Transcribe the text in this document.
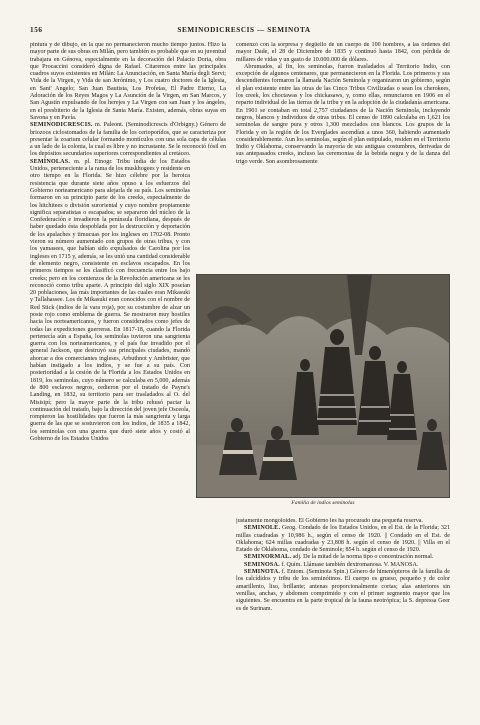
156	SEMINODICRESCIS — SEMINOTA

pintura y de dibujo, en la que no permanecieron mucho tiempo juntos. Hizo la mayor parte de sus obras en Milán, pero también es probable que en su juventud trabajara en Génova, especialmente en la decoración del Palacio Doria, obra que Procaccini consideró digna de Rafael. Citaremos entre las principales cuadros suyos existentes en Milán: La Anunciación, en Santa María degli Servi; Vida de la Virgen, y Vida de san Jerónimo, y Los cuatro doctores de la Iglesia, en Sant' Angelo; San Juan Bautista, Los Profetas, El Padre Eterno, La Adoración de los Reyes Magos y La Asunción de la Virgen, en San Marcos, y San Agustín expulsando de los herejes y La Virgen con san Juan y los ángeles, en el presbiterio de la Iglesia de Santa María. Existen, además, obras suyas en Savona y en Pavía.

SEMINODICRESCIS. m. Paleont. (Seminodicrescis d'Orbigny.) Género de briozoos ciclostomados de la familia de los cerioporídos, que se caracteriza por presentar la zoarium celular formando montículos con una sola capa de células a un lado de la colonia, la cual es libre y no incrustante. Se le reconoció fósil en los depósitos secundarios superiores correspondientes al cretáceo.

SEMÍNOLAS. m. pl. Etnogr. Tribu india de los Estados Unidos, perteneciente a la rama de los muskhogees y residente en otro tiempo en la Florida. Se hizo célebre por la heroica resistencia que durante siete años opuso a los esfuerzos del Gobierno norteamericano para alejarla de su país. Los seminolas formaron en su principio parte de los creeks, especialmente de los hitchitees o división suroriental y cuyo nombre propiamente significa separatistas o escapados; se separaron del núcleo de la Confederación e invadieron la península floridiana, después de haber quedado ésta despoblada por la destrucción y deportación de los apalaches y timucuas por los ingleses en 1702-08. Pronto vieron su número aumentado con grupos de otras tribus, y con los yamasees, que habían sido expulsados de Carolina por los ingleses en 1715 y, además, se les unió una cantidad considerable de elemento negro, consistente en esclavos escapados. En los primeros tiempos se les clasificó con frecuencia entre los bajo creeks; pero en los comienzos de la Revolución americana se les reconoció como tribu aparte. A principio del siglo XIX poseían 20 poblaciones, las más importantes de las cuales eran Mikasuki y Tallahassee. Los de Mikasuki eran conocidos con el nombre de Red Stick (indios de la vara roja), por su costumbre de alzar un poste rojo como emblema de guerra. Se mostraron muy hostiles hacia los norteamericanos, y fueron considerados como jefes de todas las expediciones guerreras. En 1817-18, cuando la Florida pertenecía aún a España, los seminolas tuvieron una sangrienta guerra con los norteamericanos, y el país fue invadido por el general Jackson, que destruyó sus principales ciudades, mandó ahorcar a dos comerciantes ingleses, Arbuthnot y Ambrister, que habían instigado a los indios, y se fue a su país. Con posterioridad a la cesión de la Florida a los Estados Unidos en 1819, los seminolas, cuyo número se calculaba en 5,000, además de 800 esclavos negros, cedieron por el tratado de Payne's Landing, en 1832, su territorio para ser trasladados al O. del Misisipí; pero la mayor parte de la tribu rehusó pactar la continuación del tratado, bajo la dirección del joven jefe Osceola, rompieron las hostilidades que fueron la más sangrienta y larga guerra de las que se sostuvieron con los indios, de 1835 a 1842, los seminolas con una guerra que duró siete años y costó al Gobierno de los Estados Unidos

comenzó con la sorpresa y degüello de un cuerpo de 100 hombres, a las órdenes del mayor Dade, el 28 de Diciembre de 1835 y continuó hasta 1842, con pérdida de millares de vidas y un gasto de 10.000.000 de dólares.

Abrumados, al fin, los seminolas, fueron trasladados al Territorio Indio, con excepción de algunos centenares, que permanecieron en la Florida. Los primeros y sus descendientes formaron la llamada Nación Seminola y organizaron un gobierno, según el plan existente entre las otras de las Cinco Tribus Civilizadas o sean los cherokees, los creek, los choctawas y los chickasaws, y, como ellas, renunciaron en 1906 en el reparto individual de las tierras de la tribu y en la adopción de la ciudadanía americana. En 1901 se contaban en total 2,757 ciudadanos de la Nación Seminola, incluyendo negros, blancos y individuos de otras tribus. El censo de 1890 calculaba en 1,621 los seminolas de sangre pura y otros 1,300 mezclados con blancos. Los grupos de la Florida y en la región de los Everglades ascendían a unos 360, habiendo aumentado considerablemente. Aun los seminolas, según el plan estipulado, residen en el Territorio Indio y Oklahoma, conservando la mayoría de sus antiguas costumbres, derivadas de sus antepasados creeks, incluso las ceremonias de la bebida negra y de la danza del trigo verde. Son asombrosamente

Familia de indios seminolas

justamente mongoloides. El Gobierno les ha procurado una pequeña reserva.

SEMINOLE. Geog. Condado de los Estados Unidos, en el Est. de la Florida; 321 millas cuadradas y 10,986 h., según el censo de 1920. || Condado en el Est. de Oklahoma; 624 millas cuadradas y 23,808 h. según el censo de 1920. || Villa en el Estado de Oklahoma, condado de Seminole; 854 h. según el censo de 1920.

SEMINORMAL. adj. De la mitad de la norma tipo o concentración normal.

SEMINOSA. f. Quím. Llámase también dextromanosa. V. MANOSA.

SEMINOTA. f. Entom. (Seminota Spin.) Género de himenópteros de la familia de los calcídidos y tribu de los seminótinos. El cuerpo es grueso, pequeño y de color amarillento, liso, brillante; antenas proporcionalmente cortas; alas anteriores sin venillas, anchas, y abdomen comprimido y con el primer segmento mayor que los siguientes. Se encuentra en la parte tropical de la fauna neotrópica; la S. depressa Geer es de Surinam.
